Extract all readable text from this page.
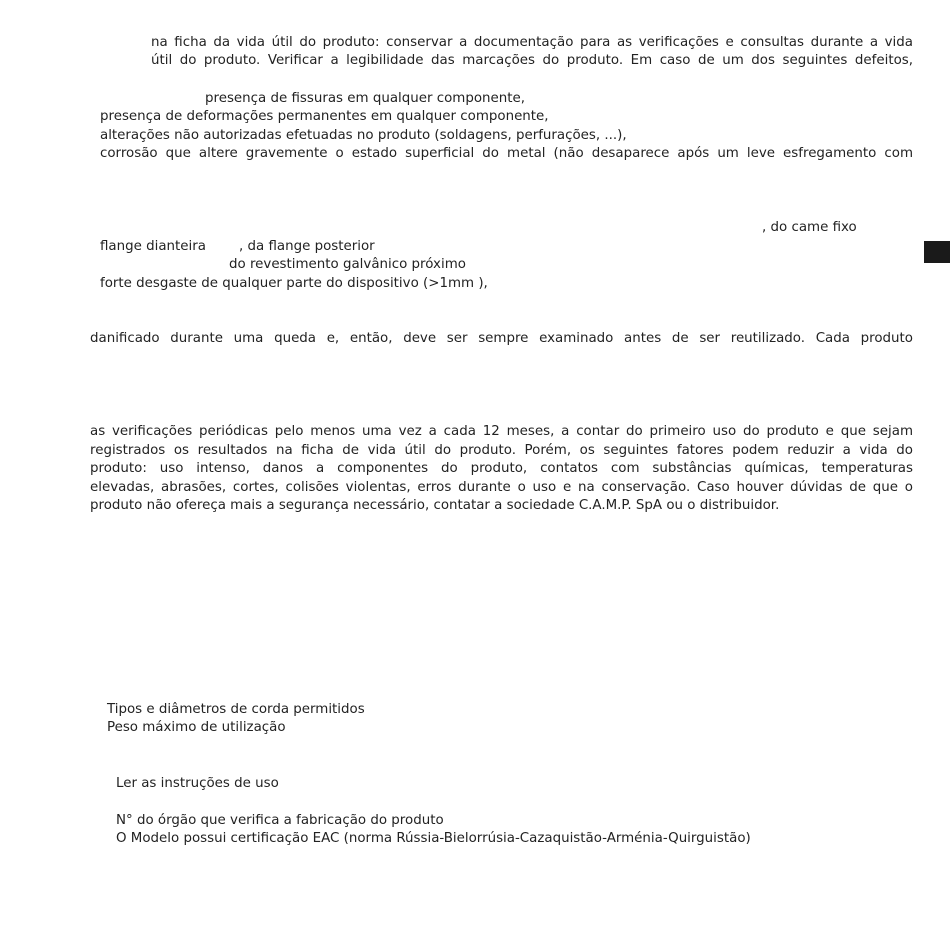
na ficha da vida útil do produto: conservar a documentação para as verificações e consultas durante a vida
útil do produto. Verificar a legibilidade das marcações do produto. Em caso de um dos seguintes defeitos,
presença de fissuras em qualquer componente,
presença de deformações permanentes em qualquer componente,
alterações não autorizadas efetuadas no produto (soldagens, perfurações, ...),
corrosão que altere gravemente o estado superficial do metal (não desaparece após um leve esfregamento com
, do came fixo
flange dianteira , da flange posterior
do revestimento galvânico próximo
forte desgaste de qualquer parte do dispositivo (>1mm ),
danificado durante uma queda e, então, deve ser sempre examinado antes de ser reutilizado. Cada produto
as verificações periódicas pelo menos uma vez a cada 12 meses, a contar do primeiro uso do produto e que sejam
registrados os resultados na ficha de vida útil do produto. Porém, os seguintes fatores podem reduzir a vida do
produto: uso intenso, danos a componentes do produto, contatos com substâncias químicas, temperaturas
elevadas, abrasões, cortes, colisões violentas, erros durante o uso e na conservação. Caso houver dúvidas de que o
produto não ofereça mais a segurança necessário, contatar a sociedade C.A.M.P. SpA ou o distribuidor.
Tipos e diâmetros de corda permitidos
Peso máximo de utilização
Ler as instruções de uso
N° do órgão que verifica a fabricação do produto
O Modelo possui certificação EAC (norma Rússia-Bielorrúsia-Cazaquistão-Arménia-Quirguistão)
